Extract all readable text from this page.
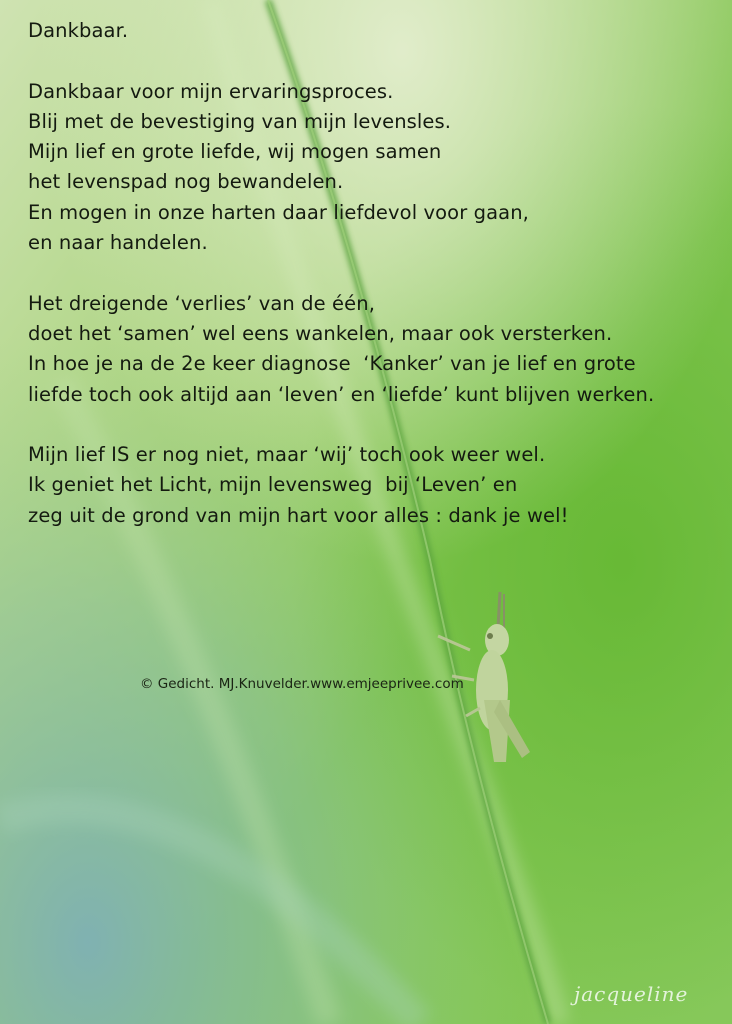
Dankbaar.
Dankbaar voor mijn ervaringsproces.
Blij met de bevestiging van mijn levensles.
Mijn lief en grote liefde, wij mogen samen
het levenspad nog bewandelen.
En mogen in onze harten daar liefdevol voor gaan,
en naar handelen.
Het dreigende ‘verlies’ van de één,
doet het ‘samen’ wel eens wankelen, maar ook versterken.
In hoe je na de 2e keer diagnose  ‘Kanker’ van je lief en grote
liefde toch ook altijd aan ‘leven’ en ‘liefde’ kunt blijven werken.
Mijn lief IS er nog niet, maar ‘wij’ toch ook weer wel.
Ik geniet het Licht, mijn levensweg  bij ‘Leven’ en
zeg uit de grond van mijn hart voor alles : dank je wel!
© Gedicht. MJ.Knuvelder.www.emjeeprivee.com
jacqueline
